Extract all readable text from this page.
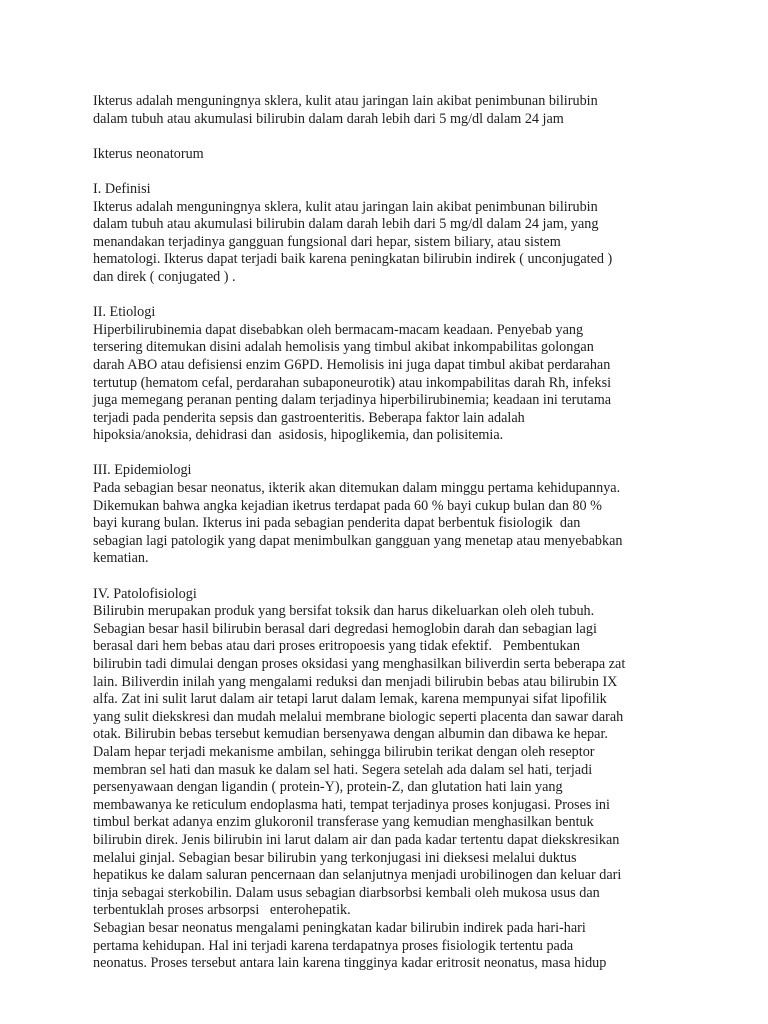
Ikterus adalah menguningnya sklera, kulit atau jaringan lain akibat penimbunan bilirubin
dalam tubuh atau akumulasi bilirubin dalam darah lebih dari 5 mg/dl dalam 24 jam
Ikterus neonatorum
I. Definisi
Ikterus adalah menguningnya sklera, kulit atau jaringan lain akibat penimbunan bilirubin
dalam tubuh atau akumulasi bilirubin dalam darah lebih dari 5 mg/dl dalam 24 jam, yang
menandakan terjadinya gangguan fungsional dari hepar, sistem biliary, atau sistem
hematologi. Ikterus dapat terjadi baik karena peningkatan bilirubin indirek ( unconjugated )
dan direk ( conjugated ) .
II. Etiologi
Hiperbilirubinemia dapat disebabkan oleh bermacam-macam keadaan. Penyebab yang
tersering ditemukan disini adalah hemolisis yang timbul akibat inkompabilitas golongan
darah ABO atau defisiensi enzim G6PD. Hemolisis ini juga dapat timbul akibat perdarahan
tertutup (hematom cefal, perdarahan subaponeurotik) atau inkompabilitas darah Rh, infeksi
juga memegang peranan penting dalam terjadinya hiperbilirubinemia; keadaan ini terutama
terjadi pada penderita sepsis dan gastroenteritis. Beberapa faktor lain adalah
hipoksia/anoksia, dehidrasi dan  asidosis, hipoglikemia, dan polisitemia.
III. Epidemiologi
Pada sebagian besar neonatus, ikterik akan ditemukan dalam minggu pertama kehidupannya.
Dikemukan bahwa angka kejadian iketrus terdapat pada 60 % bayi cukup bulan dan 80 %
bayi kurang bulan. Ikterus ini pada sebagian penderita dapat berbentuk fisiologik  dan
sebagian lagi patologik yang dapat menimbulkan gangguan yang menetap atau menyebabkan
kematian.
IV. Patolofisiologi
Bilirubin merupakan produk yang bersifat toksik dan harus dikeluarkan oleh oleh tubuh.
Sebagian besar hasil bilirubin berasal dari degredasi hemoglobin darah dan sebagian lagi
berasal dari hem bebas atau dari proses eritropoesis yang tidak efektif.   Pembentukan
bilirubin tadi dimulai dengan proses oksidasi yang menghasilkan biliverdin serta beberapa zat
lain. Biliverdin inilah yang mengalami reduksi dan menjadi bilirubin bebas atau bilirubin IX
alfa. Zat ini sulit larut dalam air tetapi larut dalam lemak, karena mempunyai sifat lipofilik
yang sulit diekskresi dan mudah melalui membrane biologic seperti placenta dan sawar darah
otak. Bilirubin bebas tersebut kemudian bersenyawa dengan albumin dan dibawa ke hepar.
Dalam hepar terjadi mekanisme ambilan, sehingga bilirubin terikat dengan oleh reseptor
membran sel hati dan masuk ke dalam sel hati. Segera setelah ada dalam sel hati, terjadi
persenyawaan dengan ligandin ( protein-Y), protein-Z, dan glutation hati lain yang
membawanya ke reticulum endoplasma hati, tempat terjadinya proses konjugasi. Proses ini
timbul berkat adanya enzim glukoronil transferase yang kemudian menghasilkan bentuk
bilirubin direk. Jenis bilirubin ini larut dalam air dan pada kadar tertentu dapat diekskresikan
melalui ginjal. Sebagian besar bilirubin yang terkonjugasi ini dieksesi melalui duktus
hepatikus ke dalam saluran pencernaan dan selanjutnya menjadi urobilinogen dan keluar dari
tinja sebagai sterkobilin. Dalam usus sebagian diarbsorbsi kembali oleh mukosa usus dan
terbentuklah proses arbsorpsi   enterohepatik.
Sebagian besar neonatus mengalami peningkatan kadar bilirubin indirek pada hari-hari
pertama kehidupan. Hal ini terjadi karena terdapatnya proses fisiologik tertentu pada
neonatus. Proses tersebut antara lain karena tingginya kadar eritrosit neonatus, masa hidup
